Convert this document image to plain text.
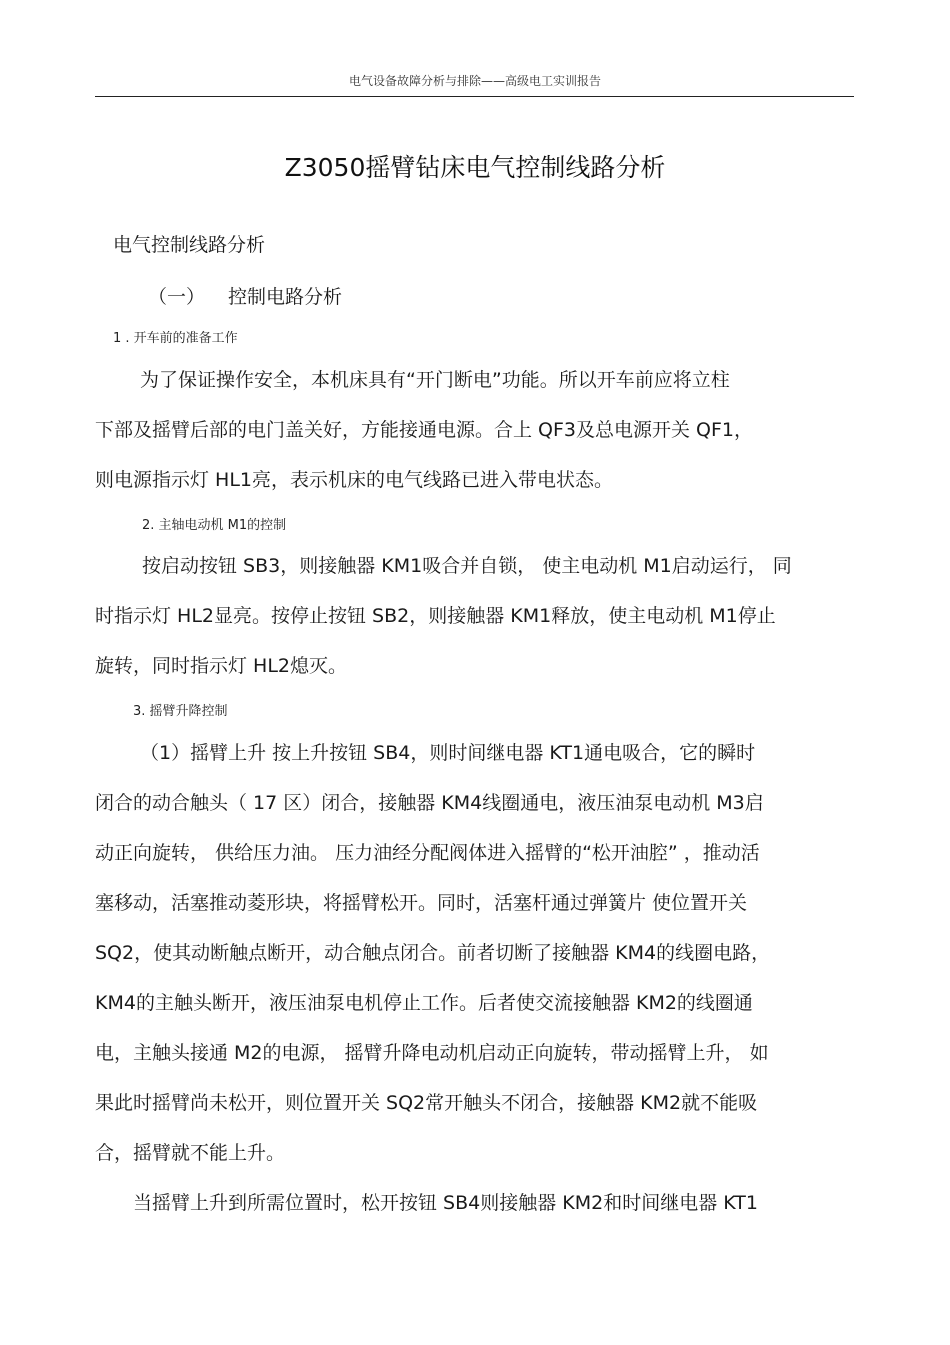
电气设备故障分析与排除——高级电工实训报告
Z3050摇臂钻床电气控制线路分析
电气控制线路分析
（一） 控制电路分析
1 . 开车前的准备工作
为了保证操作安全，本机床具有“开门断电”功能。所以开车前应将立柱
下部及摇臂后部的电门盖关好，方能接通电源。合上 QF3及总电源开关 QF1，
则电源指示灯 HL1亮，表示机床的电气线路已进入带电状态。
2. 主轴电动机 M1的控制
按启动按钮 SB3，则接触器 KM1吸合并自锁， 使主电动机 M1启动运行， 同
时指示灯 HL2显亮。按停止按钮 SB2，则接触器 KM1释放，使主电动机 M1停止
旋转，同时指示灯 HL2熄灭。
3. 摇臂升降控制
（1）摇臂上升 按上升按钮 SB4，则时间继电器 KT1通电吸合，它的瞬时
闭合的动合触头（ 17 区）闭合，接触器 KM4线圈通电，液压油泵电动机 M3启
动正向旋转， 供给压力油。 压力油经分配阀体进入摇臂的“松开油腔” ，推动活
塞移动，活塞推动菱形块，将摇臂松开。同时，活塞杆通过弹簧片 使位置开关
SQ2，使其动断触点断开，动合触点闭合。前者切断了接触器 KM4的线圈电路，
KM4的主触头断开，液压油泵电机停止工作。后者使交流接触器 KM2的线圈通
电，主触头接通 M2的电源， 摇臂升降电动机启动正向旋转，带动摇臂上升， 如
果此时摇臂尚未松开，则位置开关 SQ2常开触头不闭合，接触器 KM2就不能吸
合，摇臂就不能上升。
当摇臂上升到所需位置时，松开按钮 SB4则接触器 KM2和时间继电器 KT1
